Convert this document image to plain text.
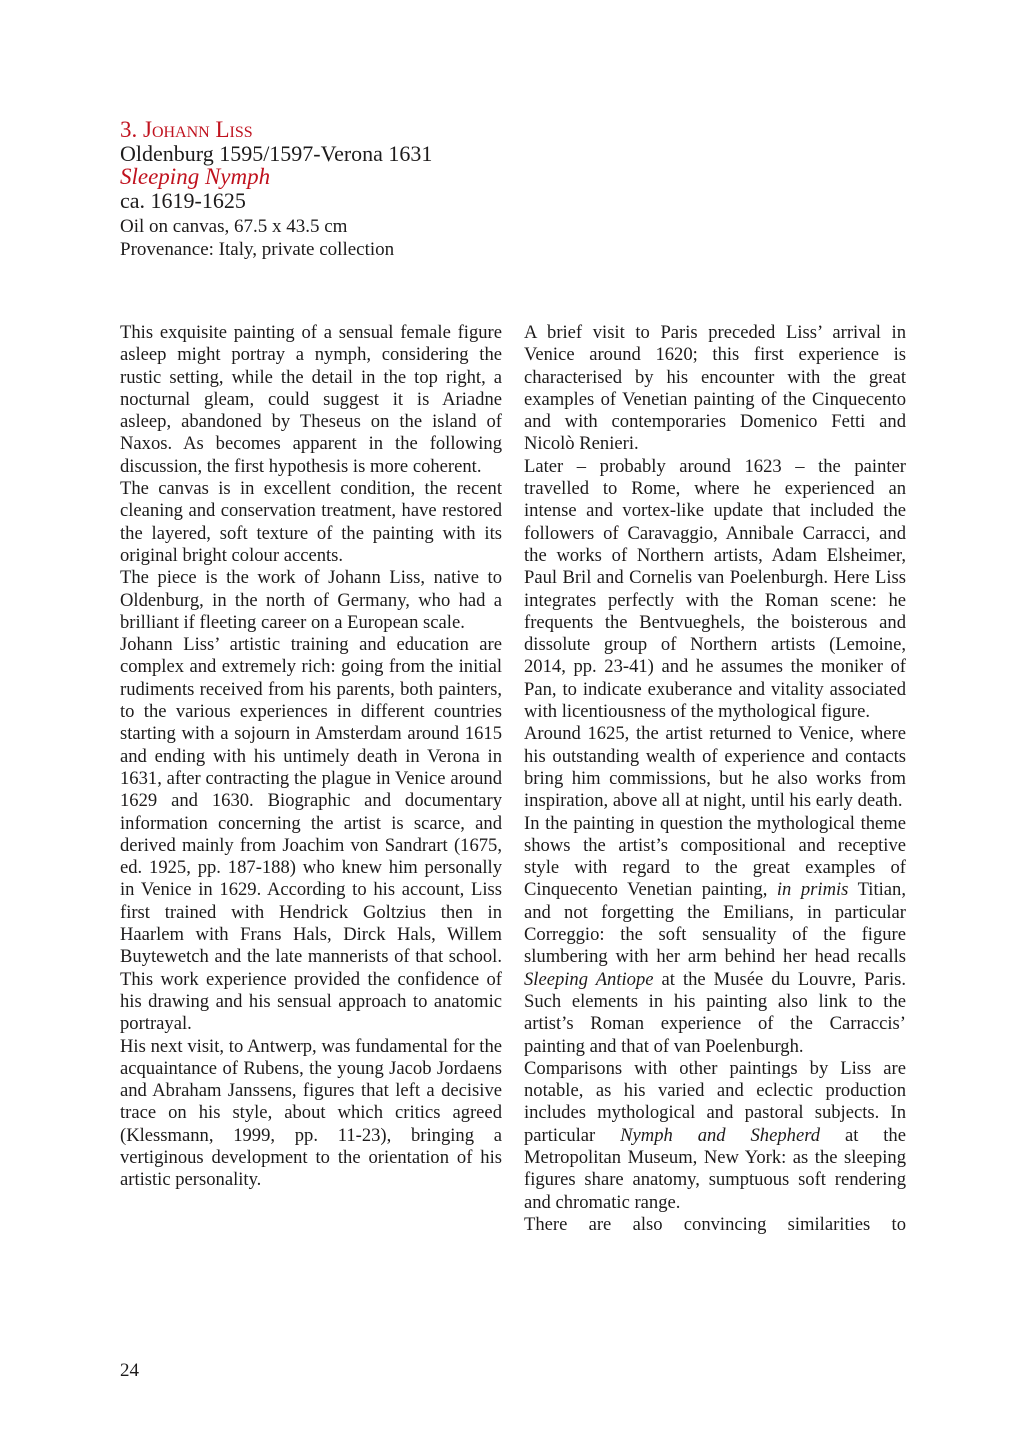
3. Johann Liss
Oldenburg 1595/1597-Verona 1631
Sleeping Nymph
ca. 1619-1625
Oil on canvas, 67.5 x 43.5 cm
Provenance: Italy, private collection

This exquisite painting of a sensual female figure asleep might portray a nymph, considering the rustic setting, while the detail in the top right, a nocturnal gleam, could suggest it is Ariadne asleep, abandoned by Theseus on the island of Naxos. As becomes apparent in the following discussion, the first hypothesis is more coherent.

The canvas is in excellent condition, the recent cleaning and conservation treatment, have restored the layered, soft texture of the painting with its original bright colour accents.

The piece is the work of Johann Liss, native to Oldenburg, in the north of Germany, who had a brilliant if fleeting career on a European scale.

Johann Liss’ artistic training and education are complex and extremely rich: going from the initial rudiments received from his parents, both painters, to the various experiences in different countries starting with a sojourn in Amsterdam around 1615 and ending with his untimely death in Verona in 1631, after contracting the plague in Venice around 1629 and 1630. Biographic and documentary information concerning the artist is scarce, and derived mainly from Joachim von Sandrart (1675, ed. 1925, pp. 187-188) who knew him personally in Venice in 1629. According to his account, Liss first trained with Hendrick Goltzius then in Haarlem with Frans Hals, Dirck Hals, Willem Buytewetch and the late mannerists of that school. This work experience provided the confidence of his drawing and his sensual approach to anatomic portrayal.

His next visit, to Antwerp, was fundamental for the acquaintance of Rubens, the young Jacob Jordaens and Abraham Janssens, figures that left a decisive trace on his style, about which critics agreed (Klessmann, 1999, pp. 11-23), bringing a vertiginous development to the orientation of his artistic personality.

A brief visit to Paris preceded Liss’ arrival in Venice around 1620; this first experience is characterised by his encounter with the great examples of Venetian painting of the Cinquecento and with contemporaries Domenico Fetti and Nicolò Renieri.

Later – probably around 1623 – the painter travelled to Rome, where he experienced an intense and vortex-like update that included the followers of Caravaggio, Annibale Carracci, and the works of Northern artists, Adam Elsheimer, Paul Bril and Cornelis van Poelenburgh. Here Liss integrates perfectly with the Roman scene: he frequents the Bentvueghels, the boisterous and dissolute group of Northern artists (Lemoine, 2014, pp. 23-41) and he assumes the moniker of Pan, to indicate exuberance and vitality associated with licentiousness of the mythological figure.

Around 1625, the artist returned to Venice, where his outstanding wealth of experience and contacts bring him commissions, but he also works from inspiration, above all at night, until his early death.

In the painting in question the mythological theme shows the artist’s compositional and receptive style with regard to the great examples of Cinquecento Venetian painting, in primis Titian, and not forgetting the Emilians, in particular Correggio: the soft sensuality of the figure slumbering with her arm behind her head recalls Sleeping Antiope at the Musée du Louvre, Paris. Such elements in his painting also link to the artist’s Roman experience of the Carraccis’ painting and that of van Poelenburgh.

Comparisons with other paintings by Liss are notable, as his varied and eclectic production includes mythological and pastoral subjects. In particular Nymph and Shepherd at the Metropolitan Museum, New York: as the sleeping figures share anatomy, sumptuous soft rendering and chromatic range.

There are also convincing similarities to

24
